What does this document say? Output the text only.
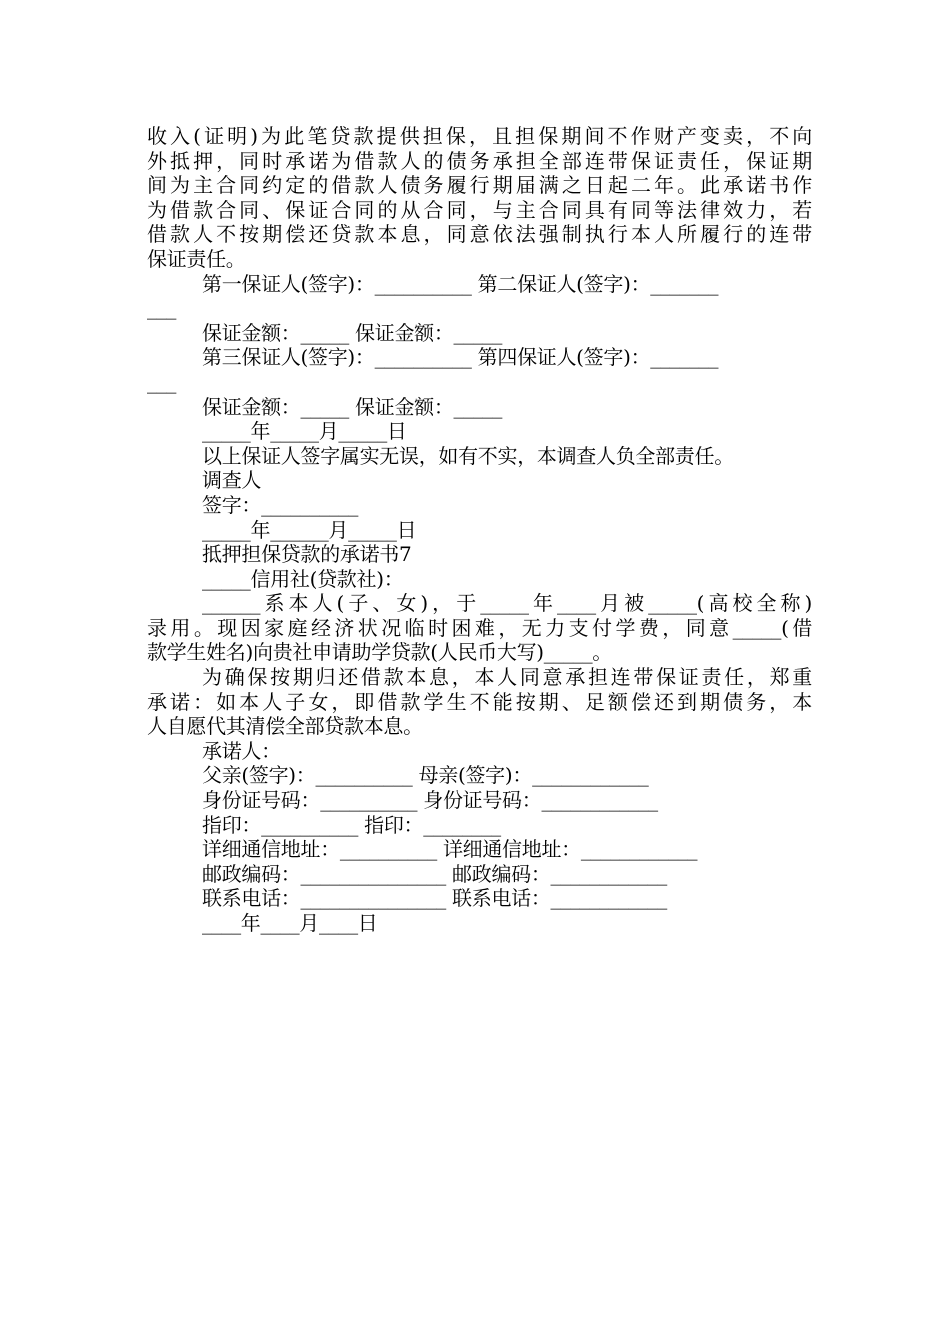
收入(证明)为此笔贷款提供担保，且担保期间不作财产变卖，不向
外抵押，同时承诺为借款人的债务承担全部连带保证责任，保证期
间为主合同约定的借款人债务履行期届满之日起二年。此承诺书作
为借款合同、保证合同的从合同，与主合同具有同等法律效力，若
借款人不按期偿还贷款本息，同意依法强制执行本人所履行的连带
保证责任。
第一保证人(签字)：__________ 第二保证人(签字)：_______
___
保证金额：_____ 保证金额：_____
第三保证人(签字)：__________ 第四保证人(签字)：_______
___
保证金额：_____ 保证金额：_____
_____年_____月_____日
以上保证人签字属实无误，如有不实，本调查人负全部责任。
调查人
签字：__________
_____年______月_____日
抵押担保贷款的承诺书7
_____信用社(贷款社)：
______系本人(子、女)，于_____年____月被_____(高校全称)
录用。现因家庭经济状况临时困难，无力支付学费，同意_____(借
款学生姓名)向贵社申请助学贷款(人民币大写)_____。
为确保按期归还借款本息，本人同意承担连带保证责任，郑重
承诺：如本人子女，即借款学生不能按期、足额偿还到期债务，本
人自愿代其清偿全部贷款本息。
承诺人：
父亲(签字)：__________ 母亲(签字)：____________
身份证号码：__________ 身份证号码：____________
指印：__________ 指印：________
详细通信地址：__________ 详细通信地址：____________
邮政编码：_______________ 邮政编码：____________
联系电话：_______________ 联系电话：____________
____年____月____日
